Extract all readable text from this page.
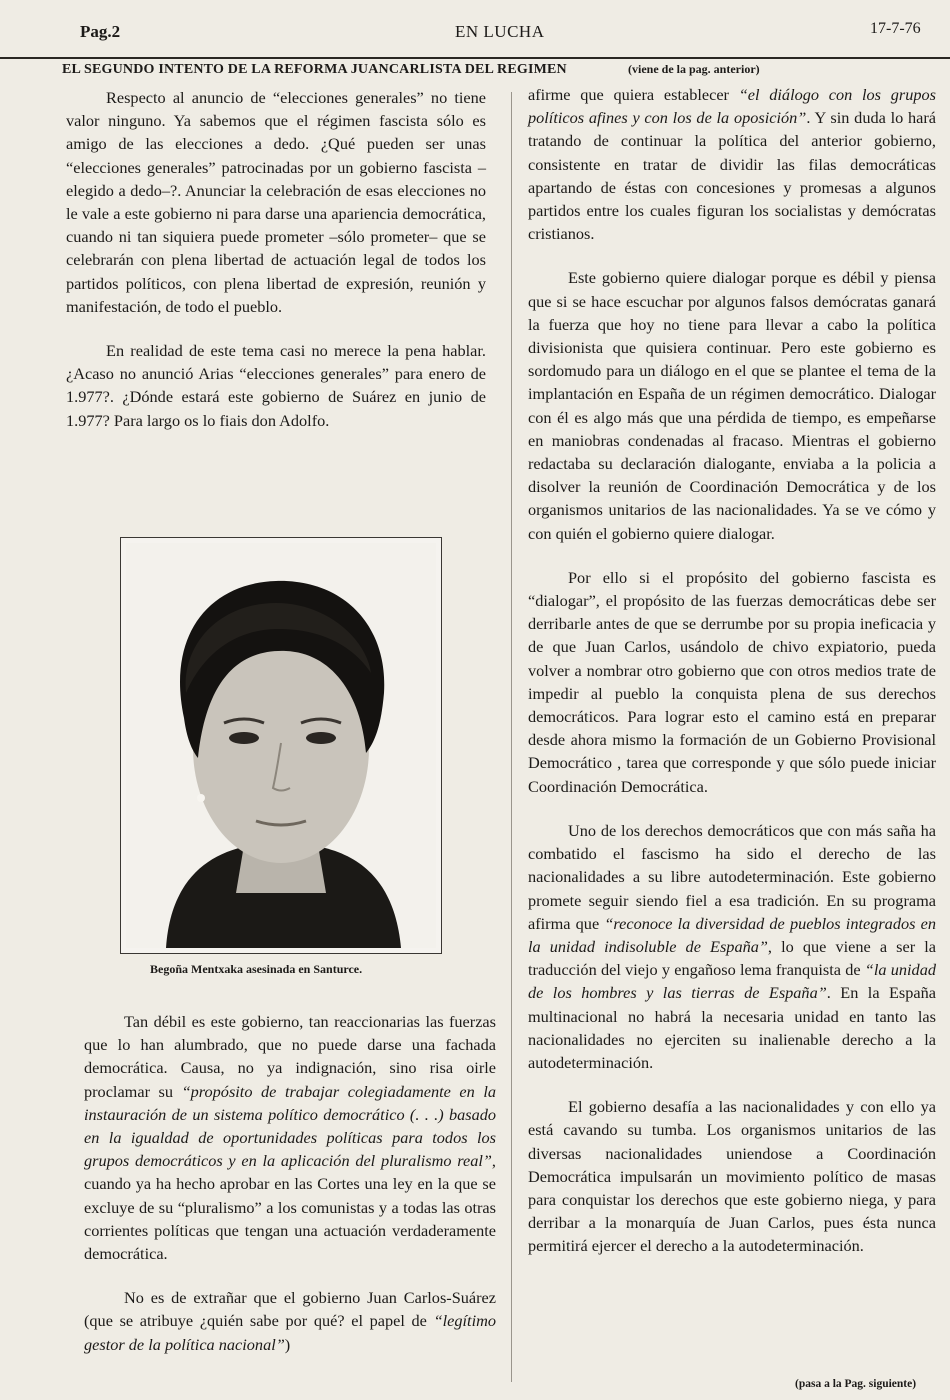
Pag.2	EN LUCHA	17-7-76
EL SEGUNDO INTENTO DE LA REFORMA JUANCARLISTA DEL REGIMEN	(viene de la pag. anterior)

Respecto al anuncio de “elecciones generales” no tiene valor ninguno. Ya sabemos que el régimen fascista sólo es amigo de las elecciones a dedo. ¿Qué pueden ser unas “elecciones generales” patrocinadas por un gobierno fascista –elegido a dedo–?. Anunciar la celebración de esas elecciones no le vale a este gobierno ni para darse una apariencia democrática, cuando ni tan siquiera puede prometer –sólo prometer– que se celebrarán con plena libertad de actuación legal de todos los partidos políticos, con plena libertad de expresión, reunión y manifestación, de todo el pueblo.

En realidad de este tema casi no merece la pena hablar. ¿Acaso no anunció Arias “elecciones generales” para enero de 1.977?. ¿Dónde estará este gobierno de Suárez en junio de 1.977? Para largo os lo fiais don Adolfo.

Begoña Mentxaka asesinada en Santurce.

Tan débil es este gobierno, tan reaccionarias las fuerzas que lo han alumbrado, que no puede darse una fachada democrática. Causa, no ya indignación, sino risa oirle proclamar su “propósito de trabajar colegiadamente en la instauración de un sistema político democrático (. . .) basado en la igualdad de oportunidades políticas para todos los grupos democráticos y en la aplicación del pluralismo real”, cuando ya ha hecho aprobar en las Cortes una ley en la que se excluye de su “pluralismo” a los comunistas y a todas las otras corrientes políticas que tengan una actuación verdaderamente democrática.

No es de extrañar que el gobierno Juan Carlos-Suárez (que se atribuye ¿quién sabe por qué? el papel de “legítimo gestor de la política nacional”)

afirme que quiera establecer “el diálogo con los grupos políticos afines y con los de la oposición”. Y sin duda lo hará tratando de continuar la política del anterior gobierno, consistente en tratar de dividir las filas democráticas apartando de éstas con concesiones y promesas a algunos partidos entre los cuales figuran los socialistas y demócratas cristianos.

Este gobierno quiere dialogar porque es débil y piensa que si se hace escuchar por algunos falsos demócratas ganará la fuerza que hoy no tiene para llevar a cabo la política divisionista que quisiera continuar. Pero este gobierno es sordomudo para un diálogo en el que se plantee el tema de la implantación en España de un régimen democrático. Dialogar con él es algo más que una pérdida de tiempo, es empeñarse en maniobras condenadas al fracaso. Mientras el gobierno redactaba su declaración dialogante, enviaba a la policia a disolver la reunión de Coordinación Democrática y de los organismos unitarios de las nacionalidades. Ya se ve cómo y con quién el gobierno quiere dialogar.

Por ello si el propósito del gobierno fascista es “dialogar”, el propósito de las fuerzas democráticas debe ser derribarle antes de que se derrumbe por su propia ineficacia y de que Juan Carlos, usándolo de chivo expiatorio, pueda volver a nombrar otro gobierno que con otros medios trate de impedir al pueblo la conquista plena de sus derechos democráticos. Para lograr esto el camino está en preparar desde ahora mismo la formación de un Gobierno Provisional Democrático , tarea que corresponde y que sólo puede iniciar Coordinación Democrática.

Uno de los derechos democráticos que con más saña ha combatido el fascismo ha sido el derecho de las nacionalidades a su libre autodeterminación. Este gobierno promete seguir siendo fiel a esa tradición. En su programa afirma que “reconoce la diversidad de pueblos integrados en la unidad indisoluble de España”, lo que viene a ser la traducción del viejo y engañoso lema franquista de “la unidad de los hombres y las tierras de España”. En la España multinacional no habrá la necesaria unidad en tanto las nacionalidades no ejerciten su inalienable derecho a la autodeterminación.

El gobierno desafía a las nacionalidades y con ello ya está cavando su tumba. Los organismos unitarios de las diversas nacionalidades uniendose a Coordinación Democrática impulsarán un movimiento político de masas para conquistar los derechos que este gobierno niega, y para derribar a la monarquía de Juan Carlos, pues ésta nunca permitirá ejercer el derecho a la autodeterminación.

(pasa a la Pag. siguiente)
